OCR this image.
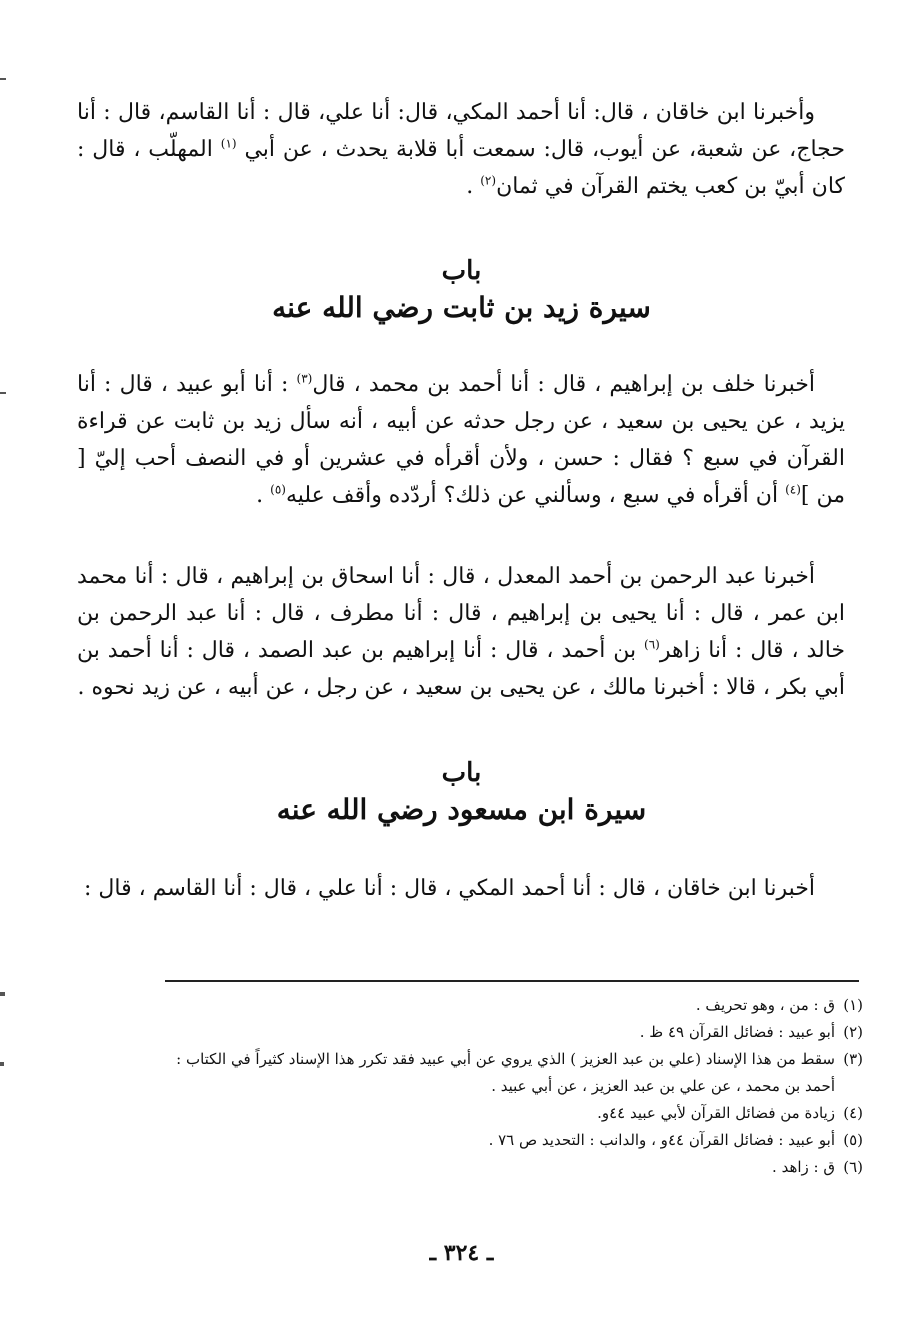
وأخبرنا ابن خاقان ، قال: أنا أحمد المكي، قال: أنا علي، قال : أنا القاسم، قال : أنا حجاج، عن شعبة، عن أيوب، قال: سمعت أبا قلابة يحدث ، عن أبي $^{(١)}$ المهلّب ، قال : كان أبيّ بن كعب يختم القرآن في ثمان$^{(٢)}$ .

باب
سيرة زيد بن ثابت رضي الله عنه

أخبرنا خلف بن إبراهيم ، قال : أنا أحمد بن محمد ، قال$^{(٣)}$ : أنا أبو عبيد ، قال : أنا يزيد ، عن يحيى بن سعيد ، عن رجل حدثه عن أبيه ، أنه سأل زيد بن ثابت عن قراءة القرآن في سبع ؟ فقال : حسن ، ولأن أقرأه في عشرين أو في النصف أحب إليّ [ من ]$^{(٤)}$ أن أقرأه في سبع ، وسألني عن ذلك؟ أردّده وأقف عليه$^{(٥)}$ .

أخبرنا عبد الرحمن بن أحمد المعدل ، قال : أنا اسحاق بن إبراهيم ، قال : أنا محمد ابن عمر ، قال : أنا يحيى بن إبراهيم ، قال : أنا مطرف ، قال : أنا عبد الرحمن بن خالد ، قال : أنا زاهر$^{(٦)}$ بن أحمد ، قال : أنا إبراهيم بن عبد الصمد ، قال : أنا أحمد بن أبي بكر ، قالا : أخبرنا مالك ، عن يحيى بن سعيد ، عن رجل ، عن أبيه ، عن زيد نحوه .

باب
سيرة ابن مسعود رضي الله عنه

أخبرنا ابن خاقان ، قال : أنا أحمد المكي ، قال : أنا علي ، قال : أنا القاسم ، قال :

(١)
ق : من ، وهو تحريف .
(٢)
أبو عبيد : فضائل القرآن ٤٩ ظ .
(٣)
سقط من هذا الإسناد (علي بن عبد العزيز ) الذي يروي عن أبي عبيد فقد تكرر هذا الإسناد كثيراً في الكتاب :
أحمد بن محمد ، عن علي بن عبد العزيز ، عن أبي عبيد .
(٤)
زيادة من فضائل القرآن لأبي عبيد ٤٤و.
(٥)
أبو عبيد : فضائل القرآن ٤٤و ، والدانب : التحديد ص ٧٦ .
(٦)
ق : زاهد .
ـ ٣٢٤ ـ
